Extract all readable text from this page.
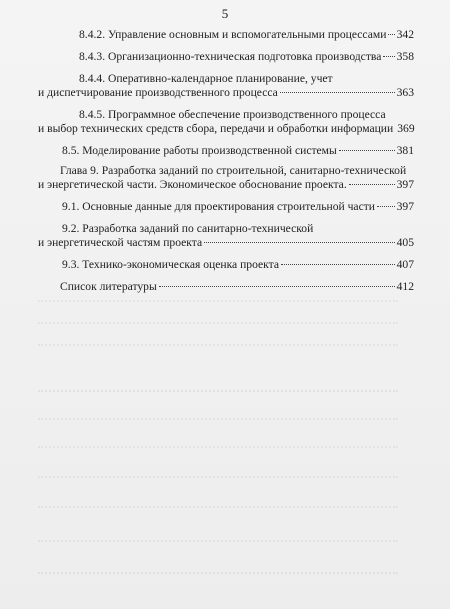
5
8.4.2. Управление основным и вспомогательными процессами 342
8.4.3. Организационно-техническая подготовка производства 358
8.4.4. Оперативно-календарное планирование, учет
и диспетчирование производственного процесса	363
8.4.5. Программное обеспечение производственного процесса
и выбор технических средств сбора, передачи и обработки информации 369
8.5. Моделирование работы производственной системы	381
Глава 9. Разработка заданий по строительной, санитарно-технической
и энергетической части. Экономическое обоснование проекта.	397
9.1. Основные данные для проектирования строительной части 397
9.2. Разработка заданий по санитарно-технической
и энергетической частям проекта	405
9.3. Технико-экономическая оценка проекта	407
Список литературы	412
